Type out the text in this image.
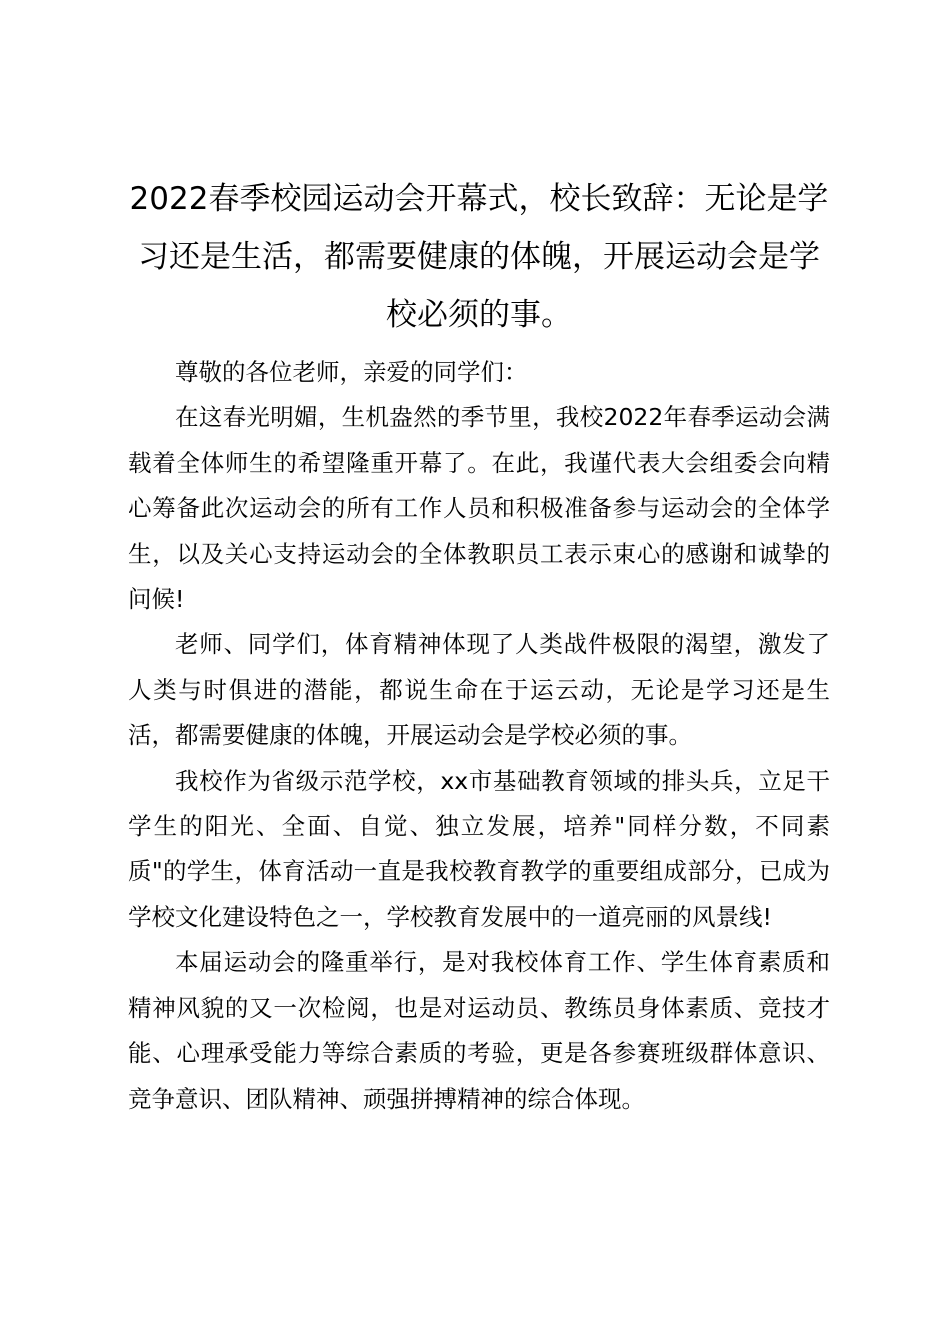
2022春季校园运动会开幕式，校长致辞：无论是学习还是生活，都需要健康的体魄，开展运动会是学校必须的事。

尊敬的各位老师，亲爱的同学们：

在这春光明媚，生机盎然的季节里，我校2022年春季运动会满载着全体师生的希望隆重开幕了。在此，我谨代表大会组委会向精心筹备此次运动会的所有工作人员和积极准备参与运动会的全体学生，以及关心支持运动会的全体教职员工表示束心的感谢和诚挚的问候!

老师、同学们，体育精神体现了人类战件极限的渴望，激发了人类与时俱进的潜能，都说生命在于运云动，无论是学习还是生活，都需要健康的体魄，开展运动会是学校必须的事。

我校作为省级示范学校，xx市基础教育领域的排头兵，立足干学生的阳光、全面、自觉、独立发展，培养"同样分数，不同素质"的学生，体育活动一直是我校教育教学的重要组成部分，已成为学校文化建设特色之一，学校教育发展中的一道亮丽的风景线!

本届运动会的隆重举行，是对我校体育工作、学生体育素质和精神风貌的又一次检阅，也是对运动员、教练员身体素质、竞技才能、心理承受能力等综合素质的考验，更是各参赛班级群体意识、竞争意识、团队精神、顽强拼搏精神的综合体现。
